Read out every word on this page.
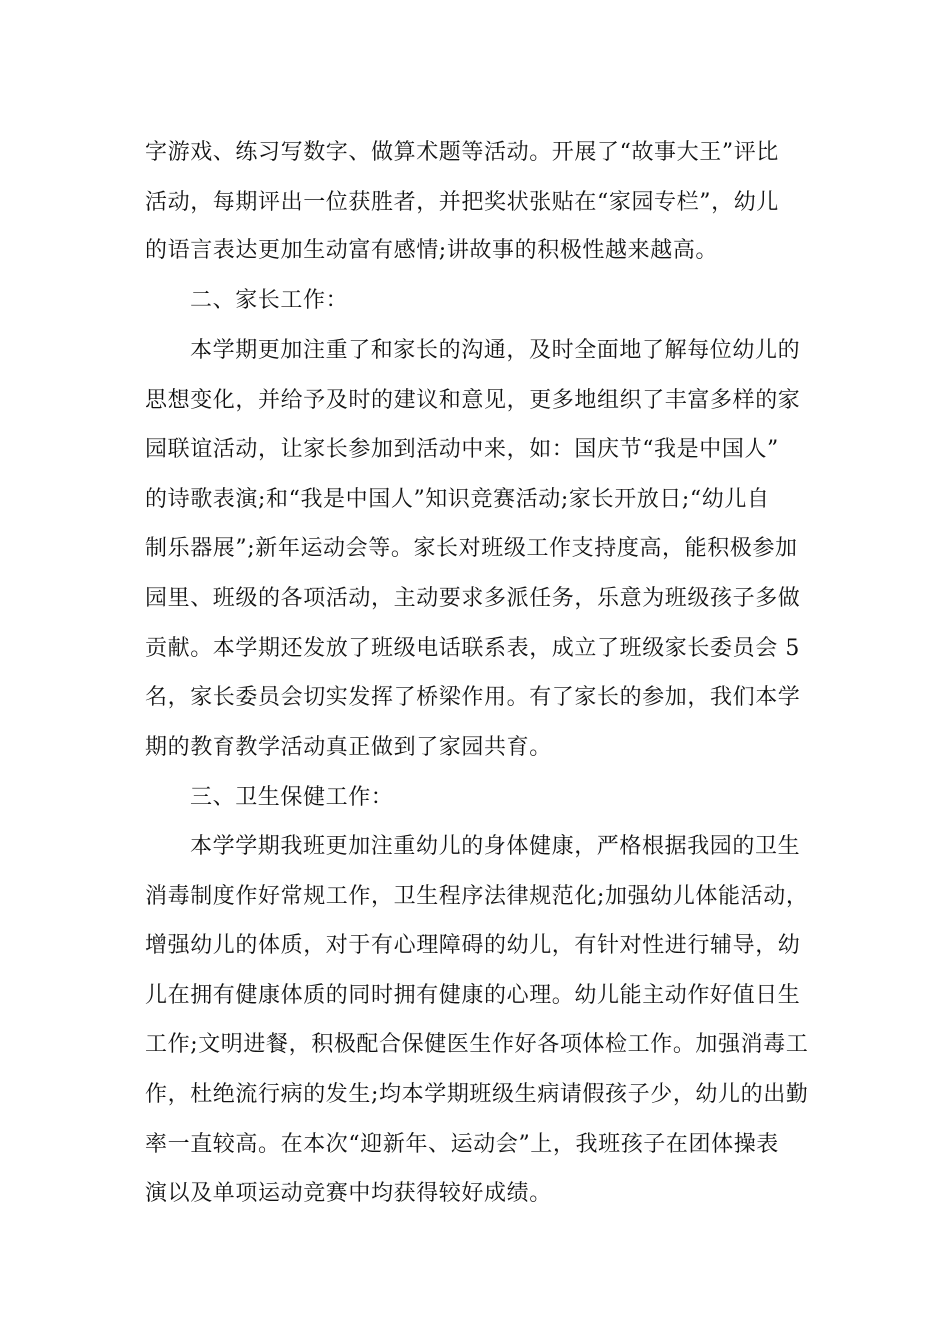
字游戏、练习写数字、做算术题等活动。开展了“故事大王”评比
活动，每期评出一位获胜者，并把奖状张贴在“家园专栏”，幼儿
的语言表达更加生动富有感情;讲故事的积极性越来越高。
二、家长工作：
本学期更加注重了和家长的沟通，及时全面地了解每位幼儿的
思想变化，并给予及时的建议和意见，更多地组织了丰富多样的家
园联谊活动，让家长参加到活动中来，如：国庆节“我是中国人”
的诗歌表演;和“我是中国人”知识竞赛活动;家长开放日;“幼儿自
制乐器展”;新年运动会等。家长对班级工作支持度高，能积极参加
园里、班级的各项活动，主动要求多派任务，乐意为班级孩子多做
贡献。本学期还发放了班级电话联系表，成立了班级家长委员会 5
名，家长委员会切实发挥了桥梁作用。有了家长的参加，我们本学
期的教育教学活动真正做到了家园共育。
三、卫生保健工作：
本学学期我班更加注重幼儿的身体健康，严格根据我园的卫生
消毒制度作好常规工作，卫生程序法律规范化;加强幼儿体能活动，
增强幼儿的体质，对于有心理障碍的幼儿，有针对性进行辅导，幼
儿在拥有健康体质的同时拥有健康的心理。幼儿能主动作好值日生
工作;文明进餐，积极配合保健医生作好各项体检工作。加强消毒工
作，杜绝流行病的发生;均本学期班级生病请假孩子少，幼儿的出勤
率一直较高。在本次“迎新年、运动会”上，我班孩子在团体操表
演以及单项运动竞赛中均获得较好成绩。
